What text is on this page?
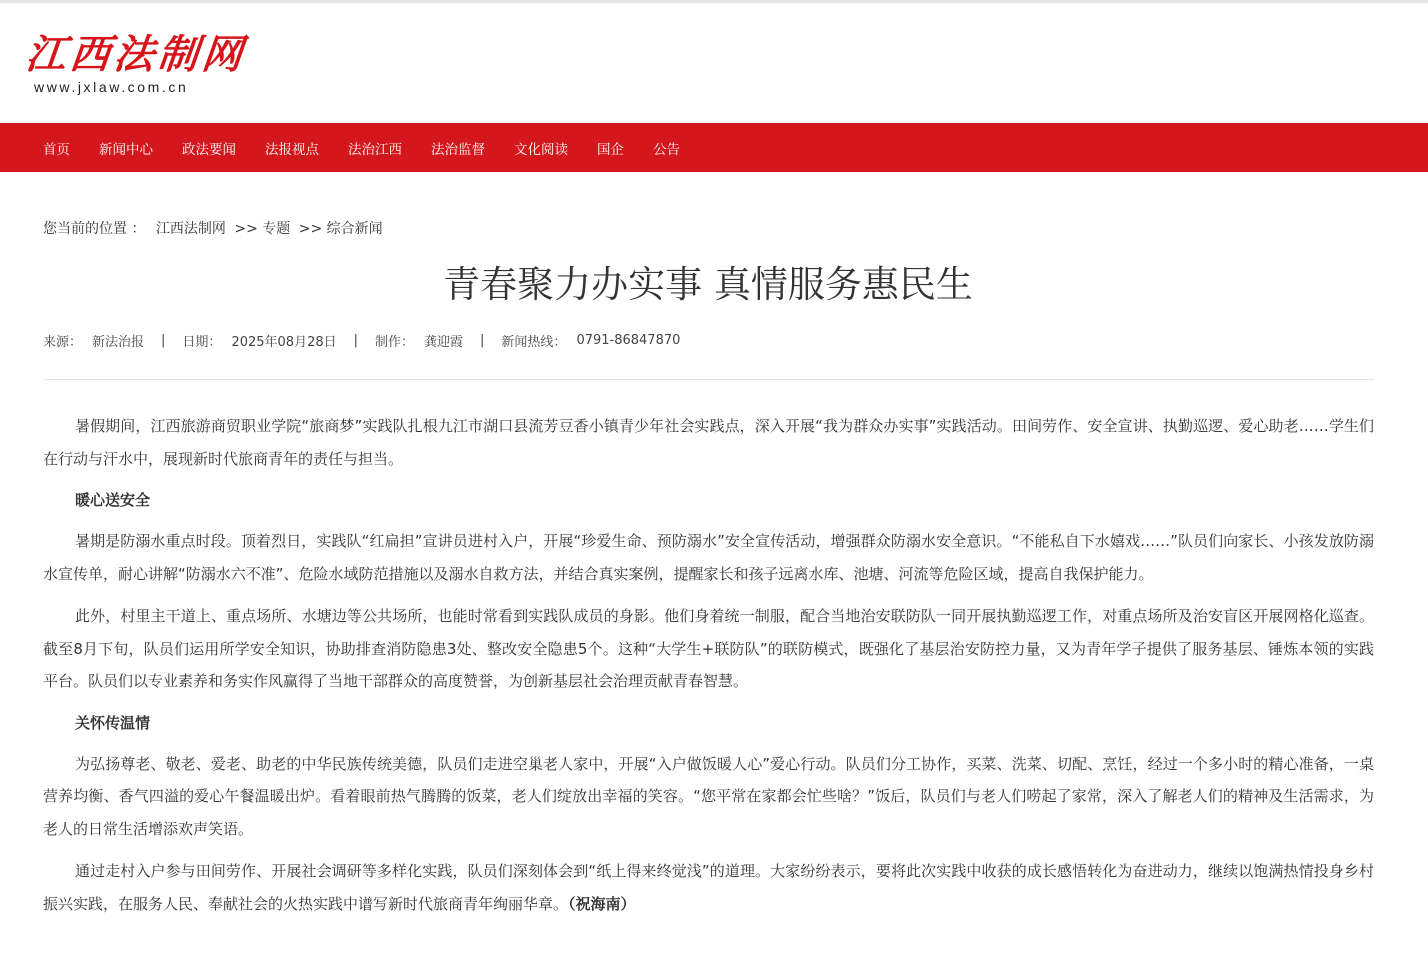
江西法制网
www.jxlaw.com.cn
首页 新闻中心 政法要闻 法报视点 法治江西 法治监督 文化阅读 国企 公告
您当前的位置 ： 江西法制网 >> 专题 >> 综合新闻
青春聚力办实事 真情服务惠民生
来源： 新法治报 | 日期： 2025年08月28日 | 制作： 龚迎霞 | 新闻热线： 0791-86847870

暑假期间，江西旅游商贸职业学院“旅商梦”实践队扎根九江市湖口县流芳豆香小镇青少年社会实践点，深入开展“我为群众办实事”实践活动。田间劳作、安全宣讲、执勤巡逻、爱心助老……学生们在行动与汗水中，展现新时代旅商青年的责任与担当。

暖心送安全

暑期是防溺水重点时段。顶着烈日，实践队“红扁担”宣讲员进村入户，开展“珍爱生命、预防溺水”安全宣传活动，增强群众防溺水安全意识。“不能私自下水嬉戏……”队员们向家长、小孩发放防溺水宣传单，耐心讲解“防溺水六不准”、危险水域防范措施以及溺水自救方法，并结合真实案例，提醒家长和孩子远离水库、池塘、河流等危险区域，提高自我保护能力。

此外，村里主干道上、重点场所、水塘边等公共场所，也能时常看到实践队成员的身影。他们身着统一制服，配合当地治安联防队一同开展执勤巡逻工作，对重点场所及治安盲区开展网格化巡查。截至8月下旬，队员们运用所学安全知识，协助排查消防隐患3处、整改安全隐患5个。这种“大学生+联防队”的联防模式，既强化了基层治安防控力量，又为青年学子提供了服务基层、锤炼本领的实践平台。队员们以专业素养和务实作风赢得了当地干部群众的高度赞誉，为创新基层社会治理贡献青春智慧。

关怀传温情

为弘扬尊老、敬老、爱老、助老的中华民族传统美德，队员们走进空巢老人家中，开展“入户做饭暖人心”爱心行动。队员们分工协作，买菜、洗菜、切配、烹饪，经过一个多小时的精心准备，一桌营养均衡、香气四溢的爱心午餐温暖出炉。看着眼前热气腾腾的饭菜，老人们绽放出幸福的笑容。“您平常在家都会忙些啥？”饭后，队员们与老人们唠起了家常，深入了解老人们的精神及生活需求，为老人的日常生活增添欢声笑语。

通过走村入户参与田间劳作、开展社会调研等多样化实践，队员们深刻体会到“纸上得来终觉浅”的道理。大家纷纷表示，要将此次实践中收获的成长感悟转化为奋进动力，继续以饱满热情投身乡村振兴实践，在服务人民、奉献社会的火热实践中谱写新时代旅商青年绚丽华章。（祝海南）
